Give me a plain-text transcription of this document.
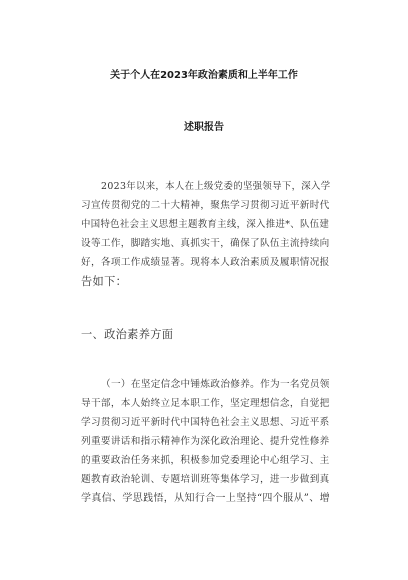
关于个人在2023年政治素质和上半年工作
述职报告
2023年以来，本人在上级党委的坚强领导下，深入学
习宣传贯彻党的二十大精神，聚焦学习贯彻习近平新时代
中国特色社会主义思想主题教育主线，深入推进*、队伍建
设等工作，脚踏实地、真抓实干，确保了队伍主流持续向
好，各项工作成绩显著。现将本人政治素质及履职情况报
告如下：
一、政治素养方面
（一）在坚定信念中锤炼政治修养。作为一名党员领
导干部，本人始终立足本职工作，坚定理想信念，自觉把
学习贯彻习近平新时代中国特色社会主义思想、习近平系
列重要讲话和指示精神作为深化政治理论、提升党性修养
的重要政治任务来抓，积极参加党委理论中心组学习、主
题教育政治轮训、专题培训班等集体学习，进一步做到真
学真信、学思践悟，从知行合一上坚持“四个服从”、增
